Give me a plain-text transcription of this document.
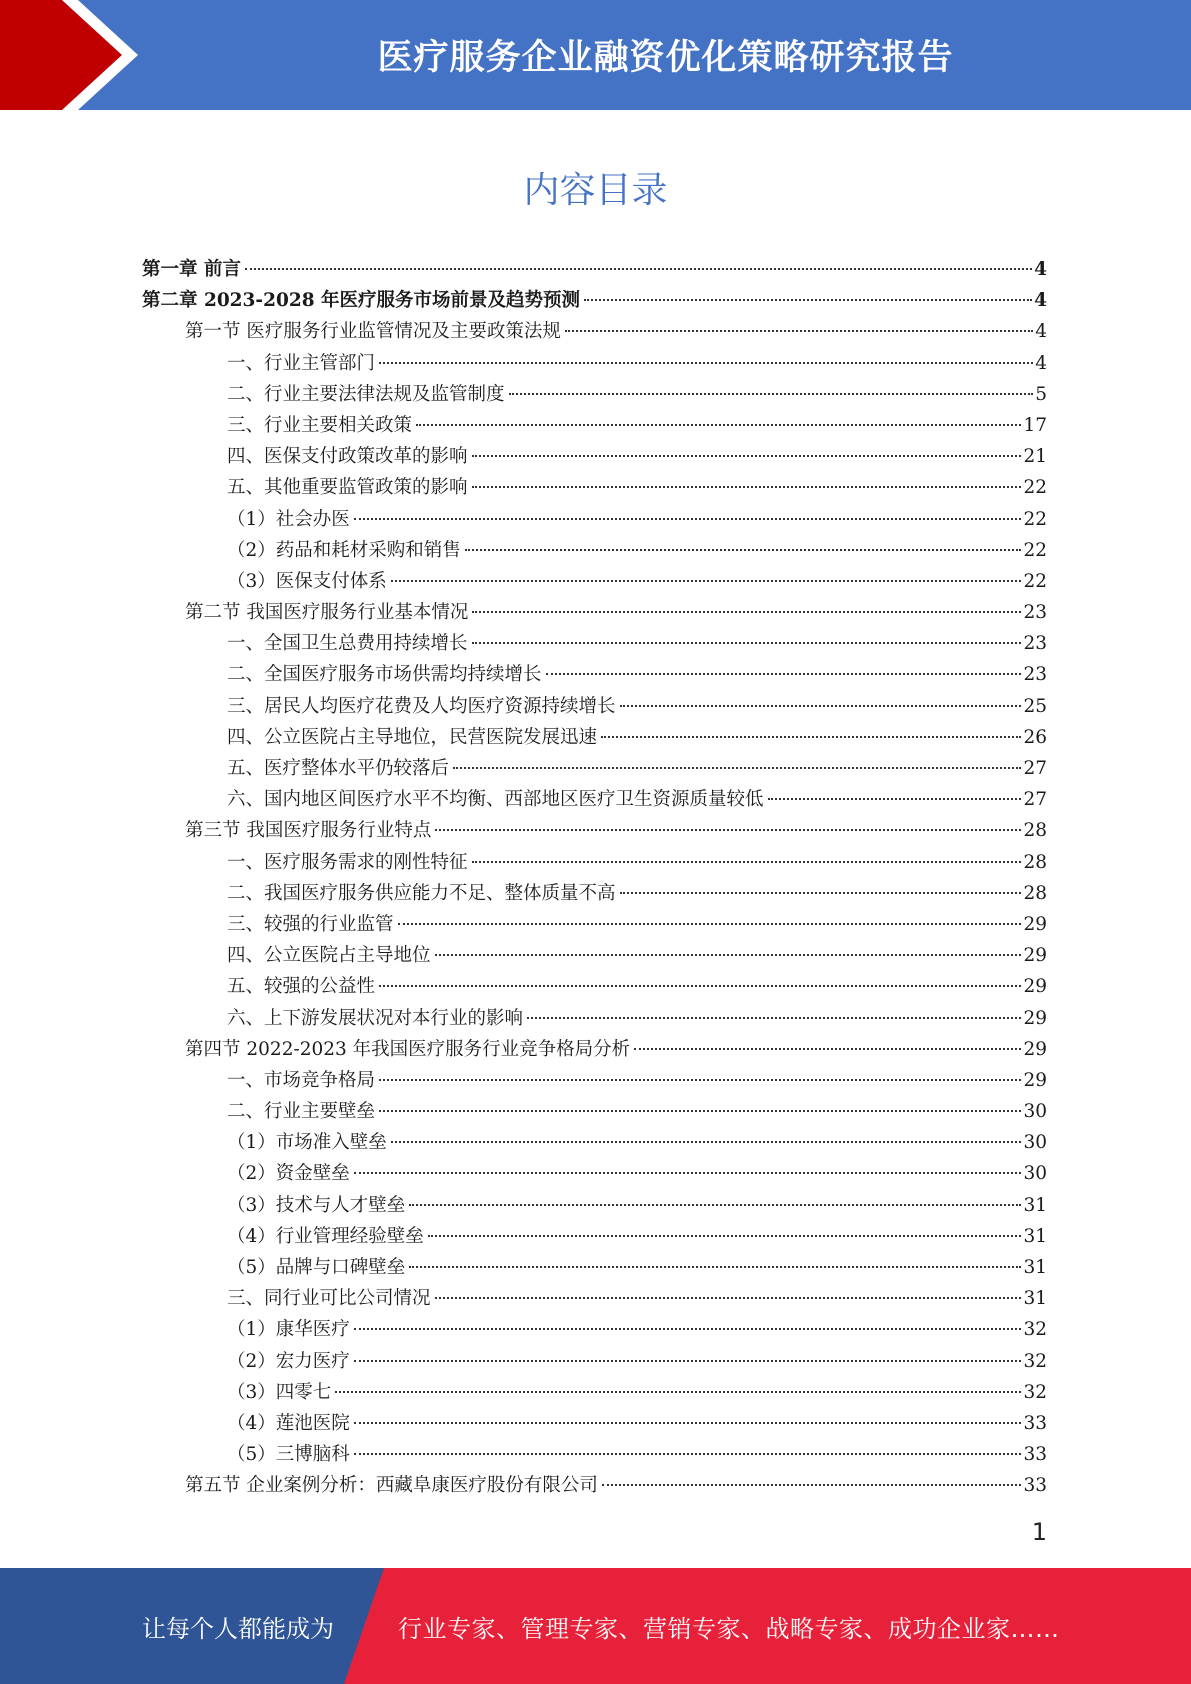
医疗服务企业融资优化策略研究报告
内容目录
第一章 前言	4
第二章 2023-2028 年医疗服务市场前景及趋势预测	4
第一节 医疗服务行业监管情况及主要政策法规	4
一、行业主管部门	4
二、行业主要法律法规及监管制度	5
三、行业主要相关政策	17
四、医保支付政策改革的影响	21
五、其他重要监管政策的影响	22
（1）社会办医	22
（2）药品和耗材采购和销售	22
（3）医保支付体系	22
第二节 我国医疗服务行业基本情况	23
一、全国卫生总费用持续增长	23
二、全国医疗服务市场供需均持续增长	23
三、居民人均医疗花费及人均医疗资源持续增长	25
四、公立医院占主导地位，民营医院发展迅速	26
五、医疗整体水平仍较落后	27
六、国内地区间医疗水平不均衡、西部地区医疗卫生资源质量较低	27
第三节 我国医疗服务行业特点	28
一、医疗服务需求的刚性特征	28
二、我国医疗服务供应能力不足、整体质量不高	28
三、较强的行业监管	29
四、公立医院占主导地位	29
五、较强的公益性	29
六、上下游发展状况对本行业的影响	29
第四节 2022-2023 年我国医疗服务行业竞争格局分析	29
一、市场竞争格局	29
二、行业主要壁垒	30
（1）市场准入壁垒	30
（2）资金壁垒	30
（3）技术与人才壁垒	31
（4）行业管理经验壁垒	31
（5）品牌与口碑壁垒	31
三、同行业可比公司情况	31
（1）康华医疗	32
（2）宏力医疗	32
（3）四零七	32
（4）莲池医院	33
（5）三博脑科	33
第五节 企业案例分析：西藏阜康医疗股份有限公司	33
1
让每个人都能成为	行业专家、管理专家、营销专家、战略专家、成功企业家……
